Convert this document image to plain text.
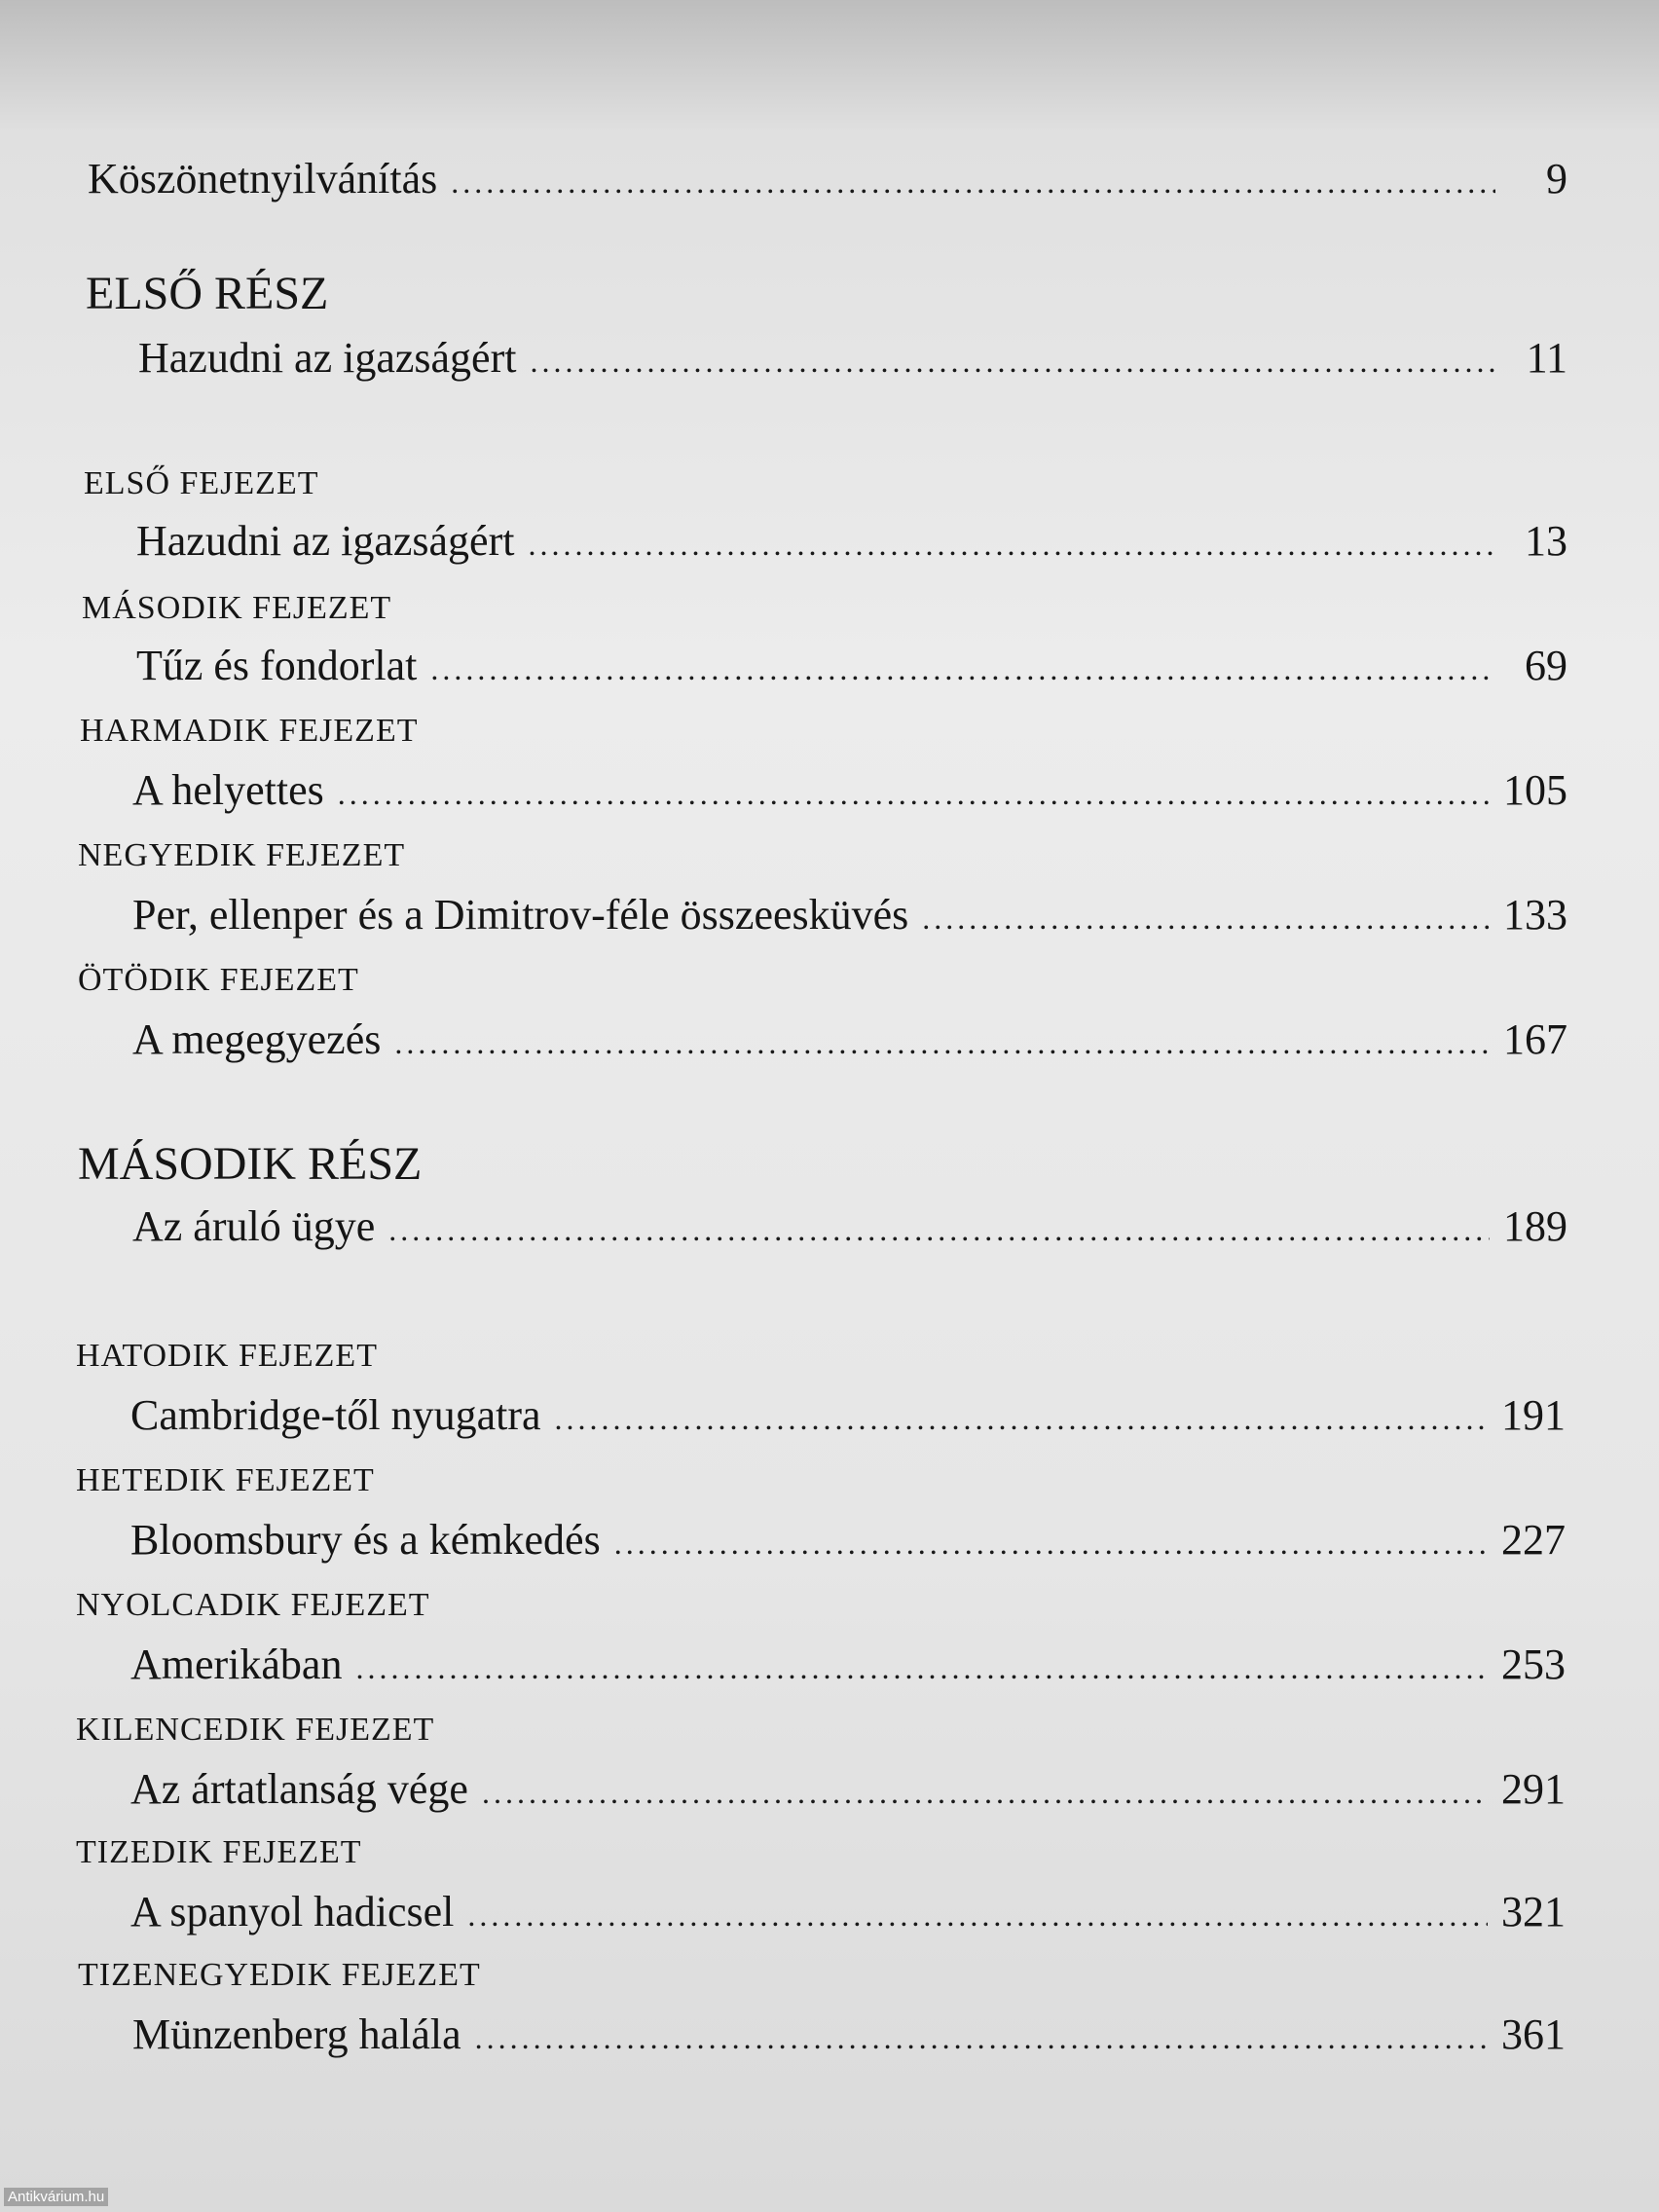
Köszönetnyilvánítás .....	9
ELSŐ RÉSZ
Hazudni az igazságért .....	11
ELSŐ FEJEZET
Hazudni az igazságért .....	13
MÁSODIK FEJEZET
Tűz és fondorlat .....	69
HARMADIK FEJEZET
A helyettes .....	105
NEGYEDIK FEJEZET
Per, ellenper és a Dimitrov-féle összeesküvés .....	133
ÖTÖDIK FEJEZET
A megegyezés .....	167
MÁSODIK RÉSZ
Az áruló ügye .....	189
HATODIK FEJEZET
Cambridge-től nyugatra .....	191
HETEDIK FEJEZET
Bloomsbury és a kémkedés .....	227
NYOLCADIK FEJEZET
Amerikában .....	253
KILENCEDIK FEJEZET
Az ártatlanság vége .....	291
TIZEDIK FEJEZET
A spanyol hadicsel .....	321
TIZENEGYEDIK FEJEZET
Münzenberg halála .....	361
Antikvárium.hu
